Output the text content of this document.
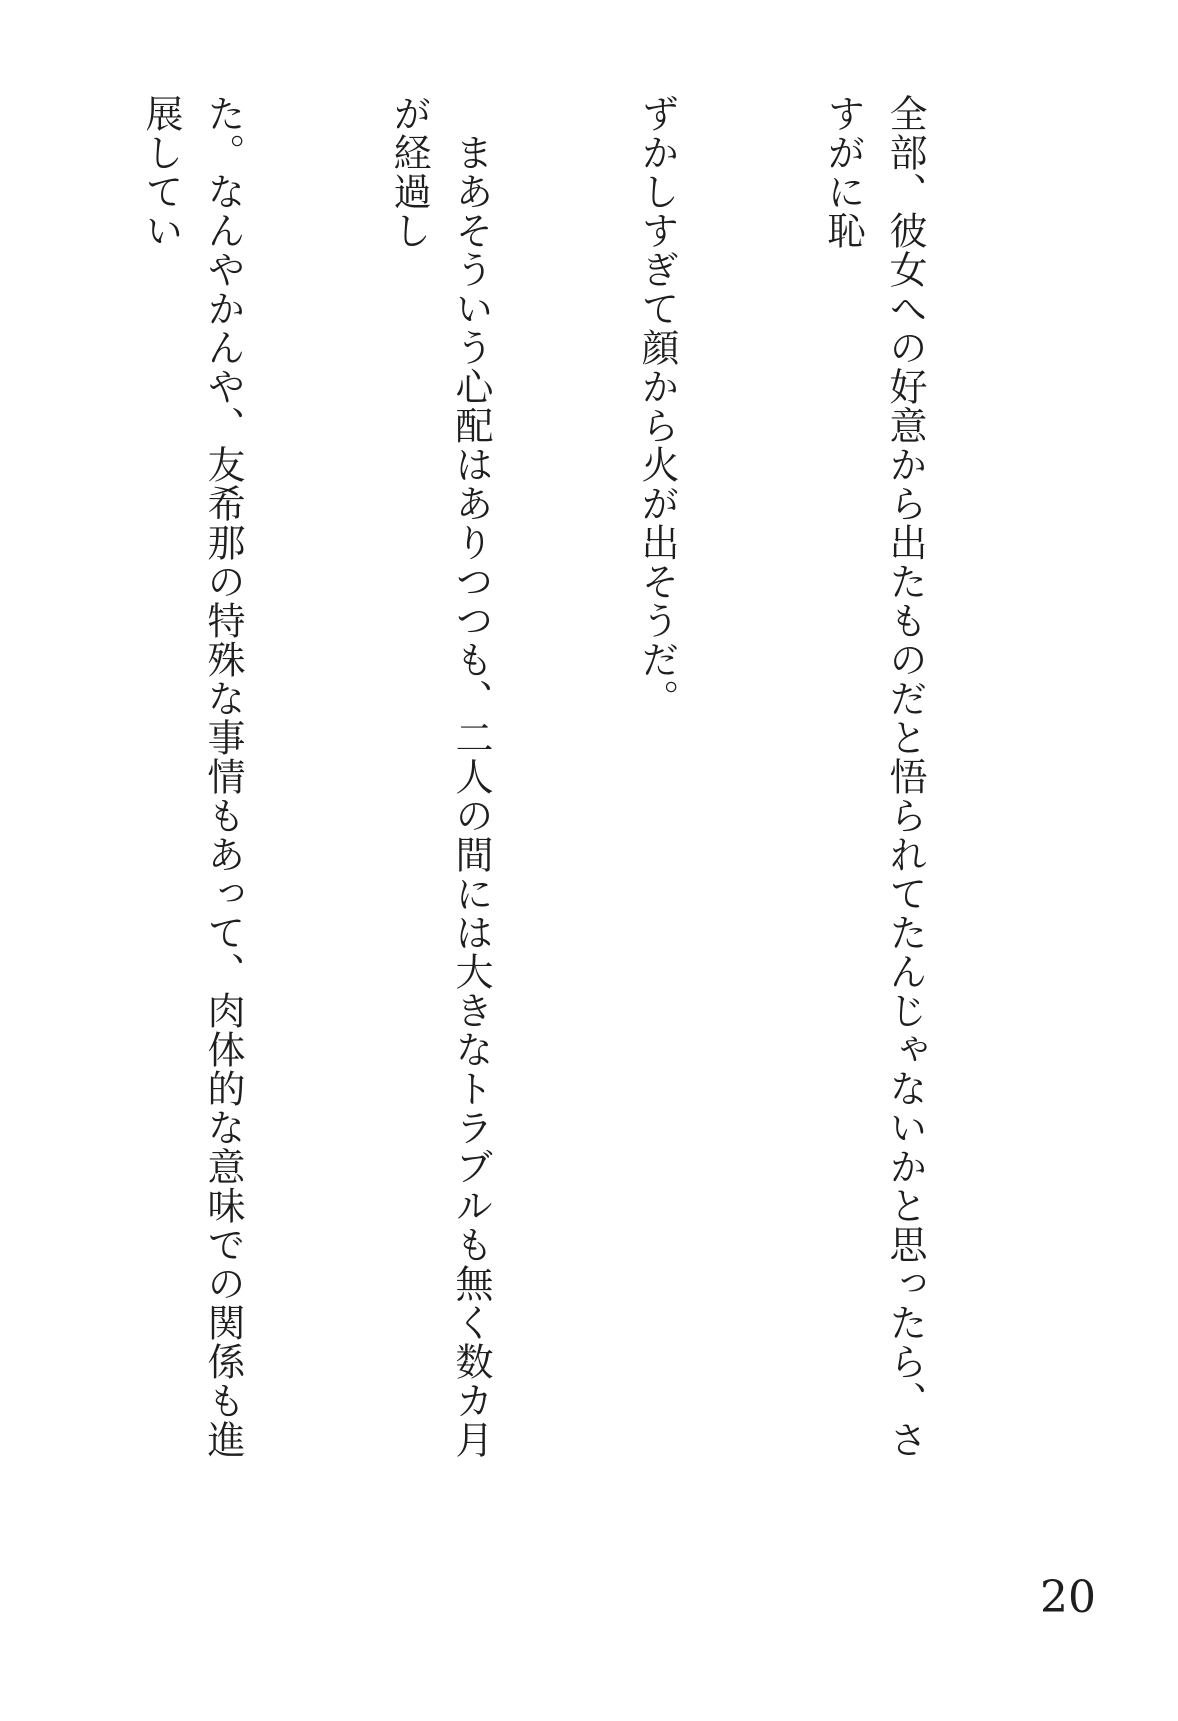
全部、彼女への好意から出たものだと悟られてたんじゃないかと思ったら、さすがに恥

ずかしすぎて顔から火が出そうだ。

　まあそういう心配はありつつも、二人の間には大きなトラブルも無く数カ月が経過し

た。なんやかんや、友希那の特殊な事情もあって、肉体的な意味での関係も進展してい

20
